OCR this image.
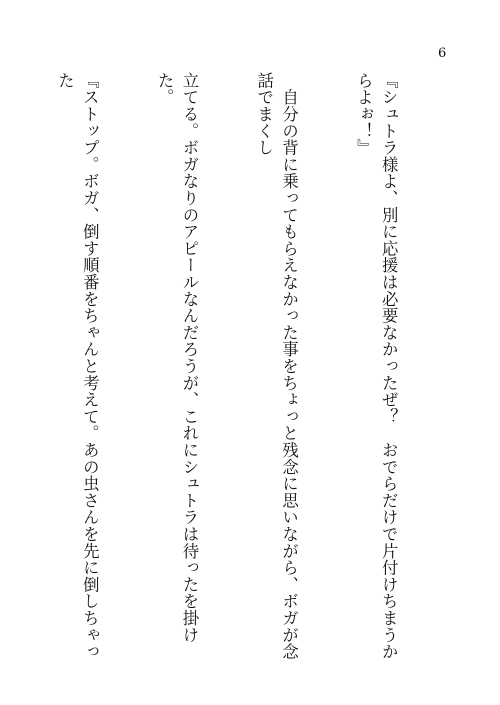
6

『シュトラ様よ、別に応援は必要なかったぜ？　おでらだけで片付けちまうからよぉ！』

　自分の背に乗ってもらえなかった事をちょっと残念に思いながら、ボガが念話でまくし

立てる。ボガなりのアピールなんだろうが、これにシュトラは待ったを掛けた。

『ストップ。ボガ、倒す順番をちゃんと考えて。あの虫さんを先に倒しちゃった
